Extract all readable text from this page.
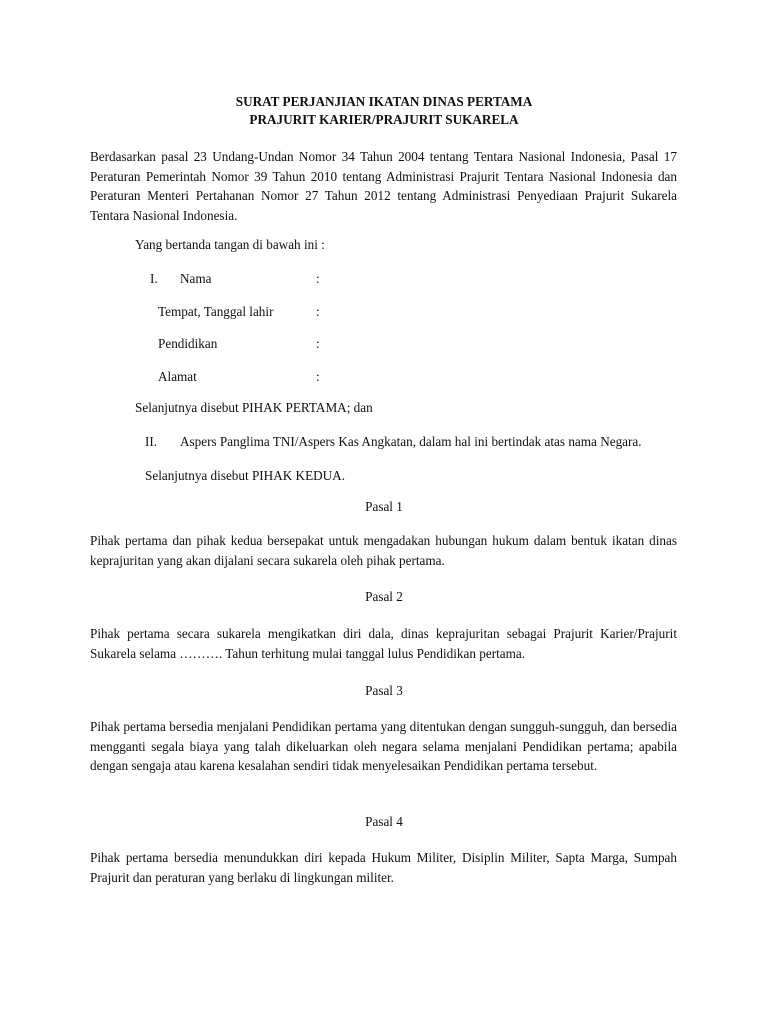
SURAT PERJANJIAN IKATAN DINAS PERTAMA
PRAJURIT KARIER/PRAJURIT SUKARELA
Berdasarkan pasal 23 Undang-Undan Nomor 34 Tahun 2004 tentang Tentara Nasional Indonesia, Pasal 17 Peraturan Pemerintah Nomor 39 Tahun 2010 tentang Administrasi Prajurit Tentara Nasional Indonesia dan Peraturan Menteri Pertahanan Nomor 27 Tahun 2012 tentang Administrasi Penyediaan Prajurit Sukarela Tentara Nasional Indonesia.
Yang bertanda tangan di bawah ini :
I. Nama	:
Tempat, Tanggal lahir	:
Pendidikan	:
Alamat	:
Selanjutnya disebut PIHAK PERTAMA; dan
II. Aspers Panglima TNI/Aspers Kas Angkatan, dalam hal ini bertindak atas nama Negara.
Selanjutnya disebut PIHAK KEDUA.
Pasal 1
Pihak pertama dan pihak kedua bersepakat untuk mengadakan hubungan hukum dalam bentuk ikatan dinas keprajuritan yang akan dijalani secara sukarela oleh pihak pertama.
Pasal 2
Pihak pertama secara sukarela mengikatkan diri dala, dinas keprajuritan sebagai Prajurit Karier/Prajurit Sukarela selama ………. Tahun terhitung mulai tanggal lulus Pendidikan pertama.
Pasal 3
Pihak pertama bersedia menjalani Pendidikan pertama yang ditentukan dengan sungguh-sungguh, dan bersedia mengganti segala biaya yang talah dikeluarkan oleh negara selama menjalani Pendidikan pertama; apabila dengan sengaja atau karena kesalahan sendiri tidak menyelesaikan Pendidikan pertama tersebut.
Pasal 4
Pihak pertama bersedia menundukkan diri kepada Hukum Militer, Disiplin Militer, Sapta Marga, Sumpah Prajurit dan peraturan yang berlaku di lingkungan militer.
